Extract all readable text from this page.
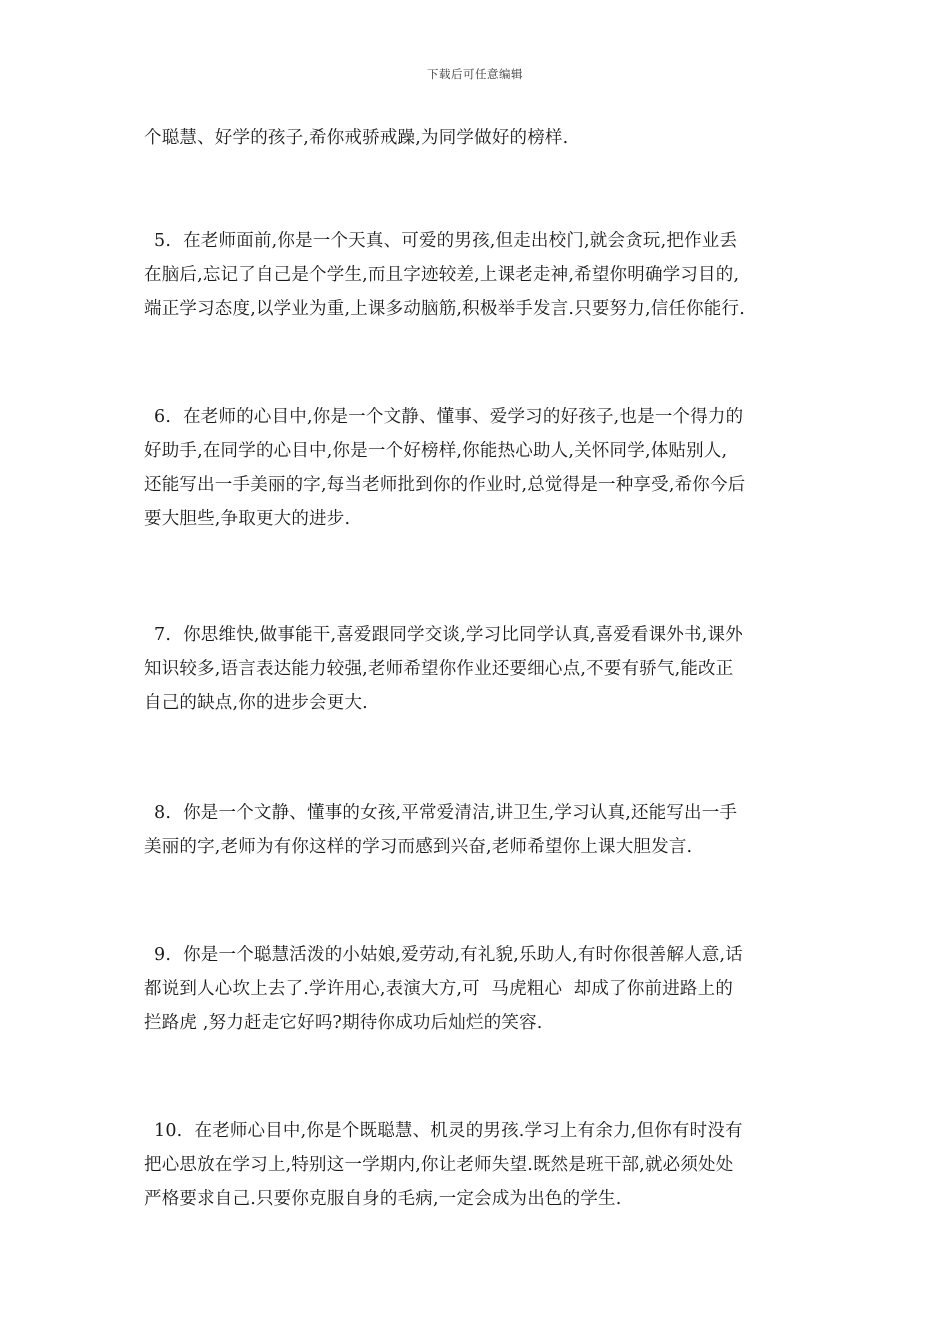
下载后可任意编辑
个聪慧、好学的孩子,希你戒骄戒躁,为同学做好的榜样.
5. 在老师面前,你是一个天真、可爱的男孩,但走出校门,就会贪玩,把作业丢
在脑后,忘记了自己是个学生,而且字迹较差,上课老走神,希望你明确学习目的,
端正学习态度,以学业为重,上课多动脑筋,积极举手发言.只要努力,信任你能行.
6. 在老师的心目中,你是一个文静、懂事、爱学习的好孩子,也是一个得力的
好助手,在同学的心目中,你是一个好榜样,你能热心助人,关怀同学,体贴别人,
还能写出一手美丽的字,每当老师批到你的作业时,总觉得是一种享受,希你今后
要大胆些,争取更大的进步.
7. 你思维快,做事能干,喜爱跟同学交谈,学习比同学认真,喜爱看课外书,课外
知识较多,语言表达能力较强,老师希望你作业还要细心点,不要有骄气,能改正
自己的缺点,你的进步会更大.
8. 你是一个文静、懂事的女孩,平常爱清洁,讲卫生,学习认真,还能写出一手
美丽的字,老师为有你这样的学习而感到兴奋,老师希望你上课大胆发言.
9. 你是一个聪慧活泼的小姑娘,爱劳动,有礼貌,乐助人,有时你很善解人意,话
都说到人心坎上去了.学许用心,表演大方,可  马虎粗心  却成了你前进路上的
拦路虎 ,努力赶走它好吗?期待你成功后灿烂的笑容.
10. 在老师心目中,你是个既聪慧、机灵的男孩.学习上有余力,但你有时没有
把心思放在学习上,特别这一学期内,你让老师失望.既然是班干部,就必须处处
严格要求自己.只要你克服自身的毛病,一定会成为出色的学生.
